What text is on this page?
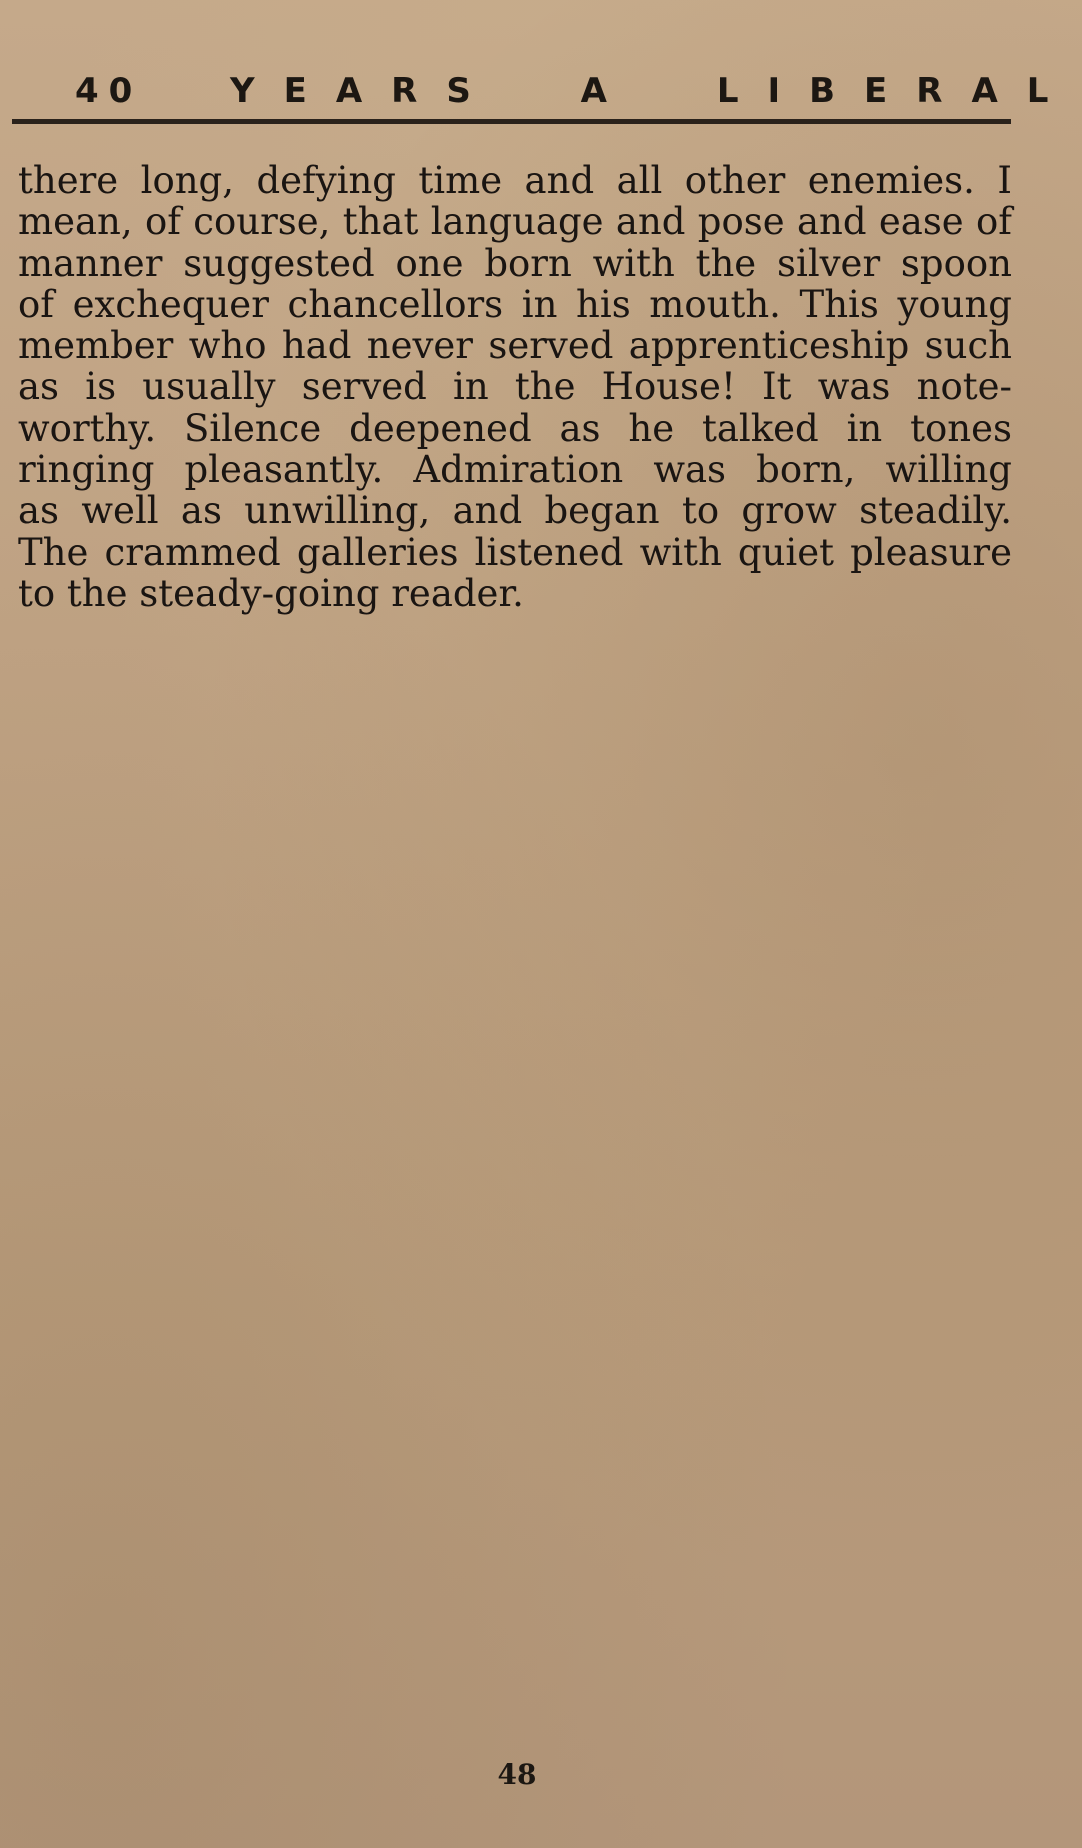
40	YEARS A LIBERAL
there long, defying time and all other enemies. I
mean, of course, that language and pose and ease of
manner suggested one born with the silver spoon
of exchequer chancellors in his mouth. This young
member who had never served apprenticeship such
as is usually served in the House! It was note-
worthy. Silence deepened as he talked in tones
ringing pleasantly. Admiration was born, willing
as well as unwilling, and began to grow steadily.
The crammed galleries listened with quiet pleasure
to the steady-going reader.
48
